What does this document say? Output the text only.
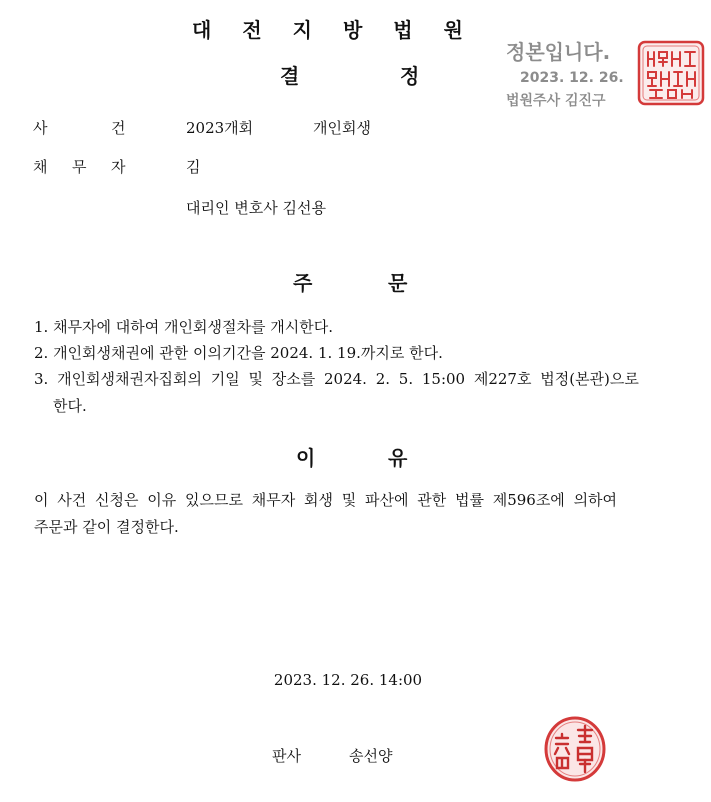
대전지방법원
결	정
정본입니다.
2023. 12. 26.
법원주사 김진구
사	건	2023개회	개인회생
채 무 자	김
대리인 변호사 김선용
주	문
1. 채무자에 대하여 개인회생절차를 개시한다.
2. 개인회생채권에 관한 이의기간을 2024. 1. 19.까지로 한다.
3. 개인회생채권자집회의 기일 및 장소를 2024. 2. 5. 15:00 제227호 법정(본관)으로
한다.
이	유
이 사건 신청은 이유 있으므로 채무자 회생 및 파산에 관한 법률 제596조에 의하여
주문과 같이 결정한다.
2023. 12. 26. 14:00
판사	송선양
